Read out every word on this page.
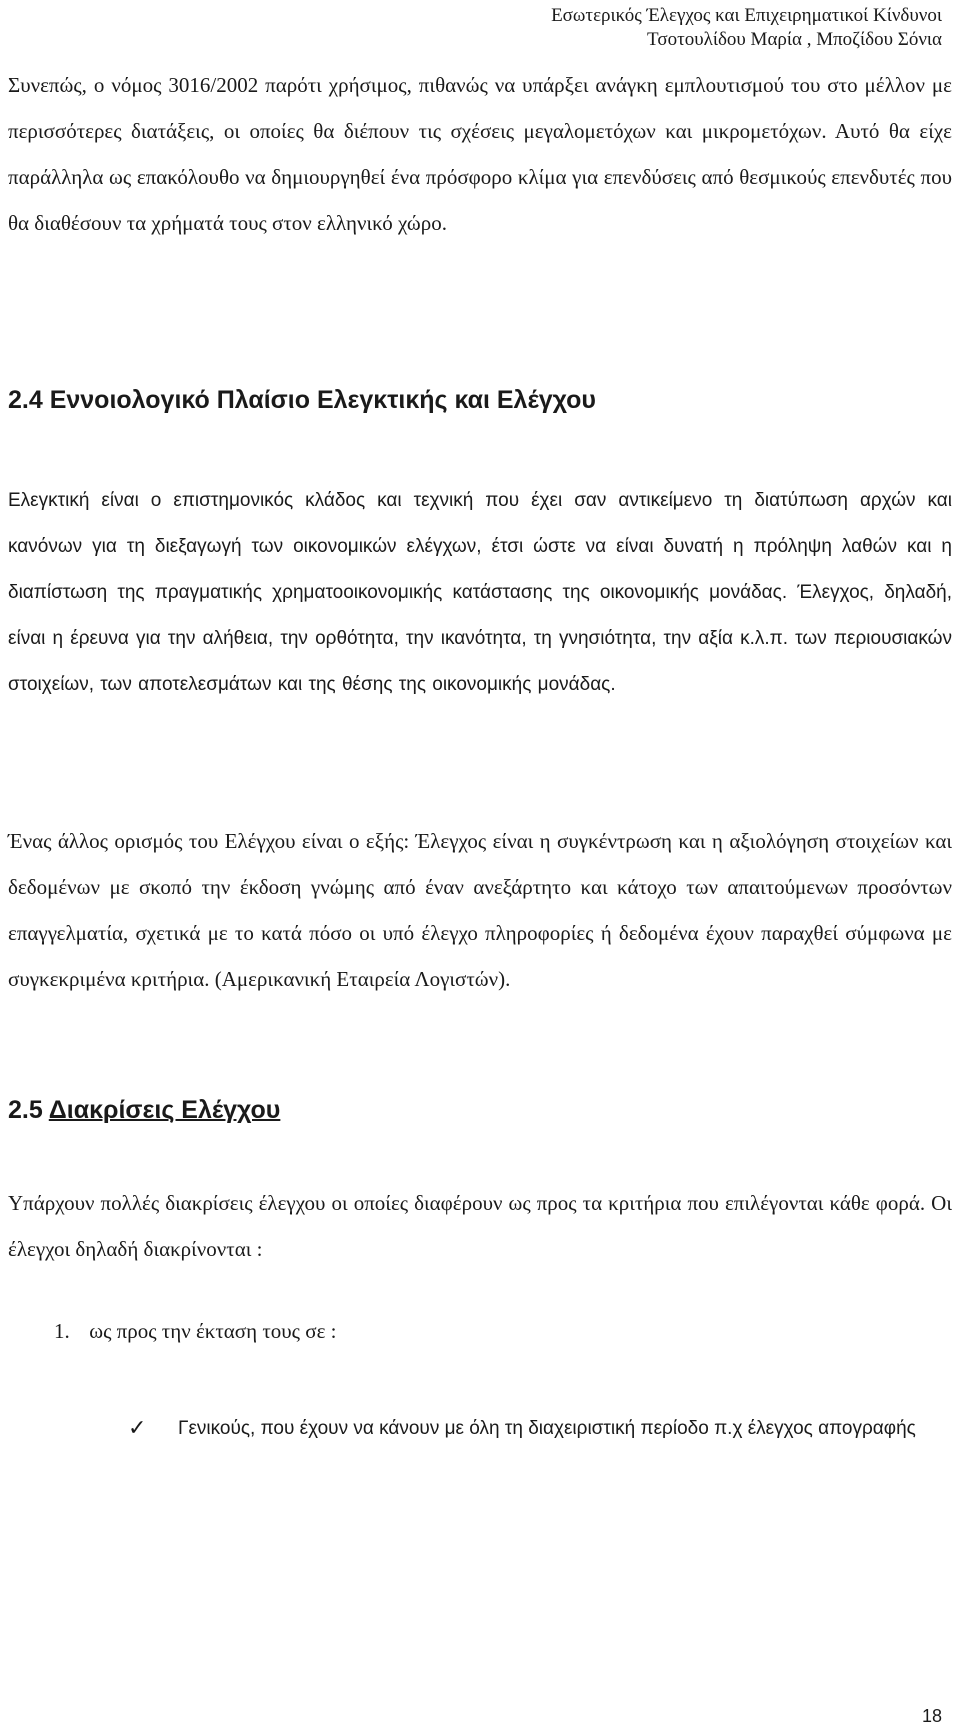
Εσωτερικός Έλεγχος και Επιχειρηματικοί Κίνδυνοι
Τσοτουλίδου Μαρία , Μποζίδου Σόνια
Συνεπώς, ο νόμος 3016/2002 παρότι χρήσιμος, πιθανώς να υπάρξει ανάγκη εμπλουτισμού του στο μέλλον με περισσότερες διατάξεις, οι οποίες θα διέπουν τις σχέσεις μεγαλομετόχων και μικρομετόχων. Αυτό θα είχε παράλληλα ως επακόλουθο να δημιουργηθεί ένα πρόσφορο κλίμα για επενδύσεις από θεσμικούς επενδυτές που θα διαθέσουν τα χρήματά τους στον ελληνικό χώρο.
2.4 Εννοιολογικό Πλαίσιο Ελεγκτικής και Ελέγχου
Ελεγκτική είναι ο επιστημονικός κλάδος και τεχνική που έχει σαν αντικείμενο τη διατύπωση αρχών και κανόνων για τη διεξαγωγή των οικονομικών ελέγχων, έτσι ώστε να είναι δυνατή η πρόληψη λαθών και η διαπίστωση της πραγματικής χρηματοοικονομικής κατάστασης της οικονομικής μονάδας. Έλεγχος, δηλαδή, είναι η έρευνα για την αλήθεια, την ορθότητα, την ικανότητα, τη γνησιότητα, την αξία κ.λ.π. των περιουσιακών στοιχείων, των αποτελεσμάτων και της θέσης της οικονομικής μονάδας.
Ένας άλλος ορισμός του Ελέγχου είναι ο εξής: Έλεγχος είναι η συγκέντρωση και η αξιολόγηση στοιχείων και δεδομένων με σκοπό την έκδοση γνώμης από έναν ανεξάρτητο και κάτοχο των απαιτούμενων προσόντων επαγγελματία, σχετικά με το κατά πόσο οι υπό έλεγχο πληροφορίες ή δεδομένα έχουν παραχθεί σύμφωνα με συγκεκριμένα κριτήρια. (Αμερικανική Εταιρεία Λογιστών).
2.5 Διακρίσεις Ελέγχου
Υπάρχουν πολλές διακρίσεις έλεγχου οι οποίες διαφέρουν ως προς τα κριτήρια που επιλέγονται κάθε φορά. Οι έλεγχοι δηλαδή διακρίνονται :
1. ως προς την έκταση τους σε :
✓ Γενικούς, που έχουν να κάνουν με όλη τη διαχειριστική περίοδο π.χ έλεγχος απογραφής
18
